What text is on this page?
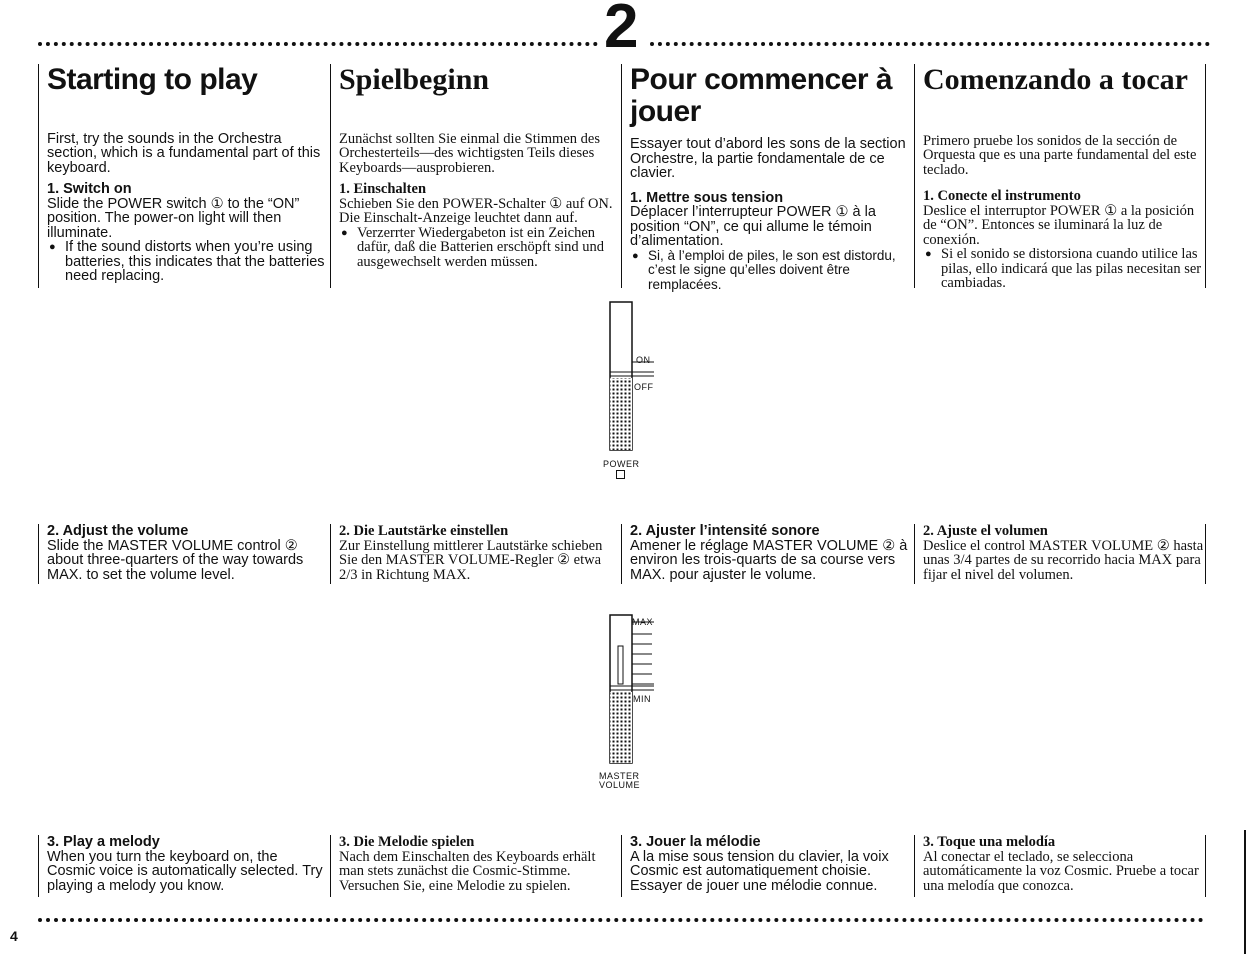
2
Starting to play

First, try the sounds in the Orchestra section, which is a fundamental part of this keyboard.

1. Switch on

Slide the POWER switch ① to the “ON” position. The power-on light will then illuminate.

● If the sound distorts when you’re using batteries, this indicates that the batteries need replacing.

Spielbeginn

Zunächst sollten Sie einmal die Stimmen des Orchesterteils—des wichtigsten Teils dieses Keyboards—ausprobieren.

1. Einschalten

Schieben Sie den POWER-Schalter ① auf ON. Die Einschalt-Anzeige leuchtet dann auf.

● Verzerrter Wiedergabeton ist ein Zeichen dafür, daß die Batterien erschöpft sind und ausgewechselt werden müssen.

Pour commencer à jouer

Essayer tout d’abord les sons de la section Orchestre, la partie fondamentale de ce clavier.

1. Mettre sous tension

Déplacer l’interrupteur POWER ① à la position “ON”, ce qui allume le témoin d’alimentation.

● Si, à l’emploi de piles, le son est distordu, c’est le signe qu’elles doivent être remplacées.

Comenzando a tocar

Primero pruebe los sonidos de la sección de Orquesta que es una parte fundamental del este teclado.

1. Conecte el instrumento

Deslice el interruptor POWER ① a la posición de “ON”. Entonces se iluminará la luz de conexión.

● Si el sonido se distorsiona cuando utilice las pilas, ello indicará que las pilas necesitan ser cambiadas.

ON
OFF
POWER

2. Adjust the volume

Slide the MASTER VOLUME control ② about three-quarters of the way towards MAX. to set the volume level.

2. Die Lautstärke einstellen

Zur Einstellung mittlerer Lautstärke schieben Sie den MASTER VOLUME-Regler ② etwa 2/3 in Richtung MAX.

2. Ajuster l’intensité sonore

Amener le réglage MASTER VOLUME ② à environ les trois-quarts de sa course vers MAX. pour ajuster le volume.

2. Ajuste el volumen

Deslice el control MASTER VOLUME ② hasta unas 3/4 partes de su recorrido hacia MAX para fijar el nivel del volumen.

MAX
MIN
MASTER
VOLUME

3. Play a melody

When you turn the keyboard on, the Cosmic voice is automatically selected. Try playing a melody you know.

3. Die Melodie spielen

Nach dem Einschalten des Keyboards erhält man stets zunächst die Cosmic-Stimme. Versuchen Sie, eine Melodie zu spielen.

3. Jouer la mélodie

A la mise sous tension du clavier, la voix Cosmic est automatiquement choisie. Essayer de jouer une mélodie connue.

3. Toque una melodía

Al conectar el teclado, se selecciona automáticamente la voz Cosmic. Pruebe a tocar una melodía que conozca.

4
